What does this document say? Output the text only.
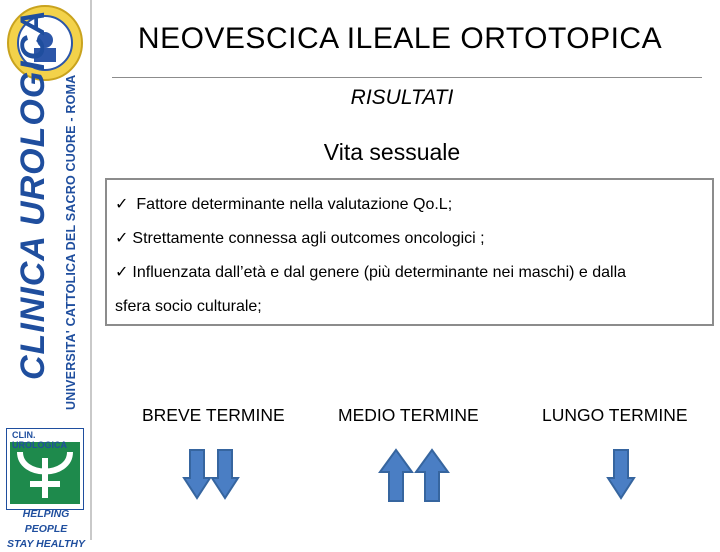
CLINICA UROLOGICA UNIVERSITA' CATTOLICA DEL SACRO CUORE - ROMA
CLIN. UROLOGICA
HELPING PEOPLE
STAY HEALTHY
NEOVESCICA ILEALE ORTOTOPICA
RISULTATI
Vita sessuale
✓ Fattore determinante nella valutazione Qo.L;
✓ Strettamente connessa agli outcomes oncologici ;
✓ Influenzata dall’età e dal genere (più determinante nei maschi) e dalla
sfera socio culturale;
BREVE TERMINE	MEDIO TERMINE	LUNGO TERMINE
